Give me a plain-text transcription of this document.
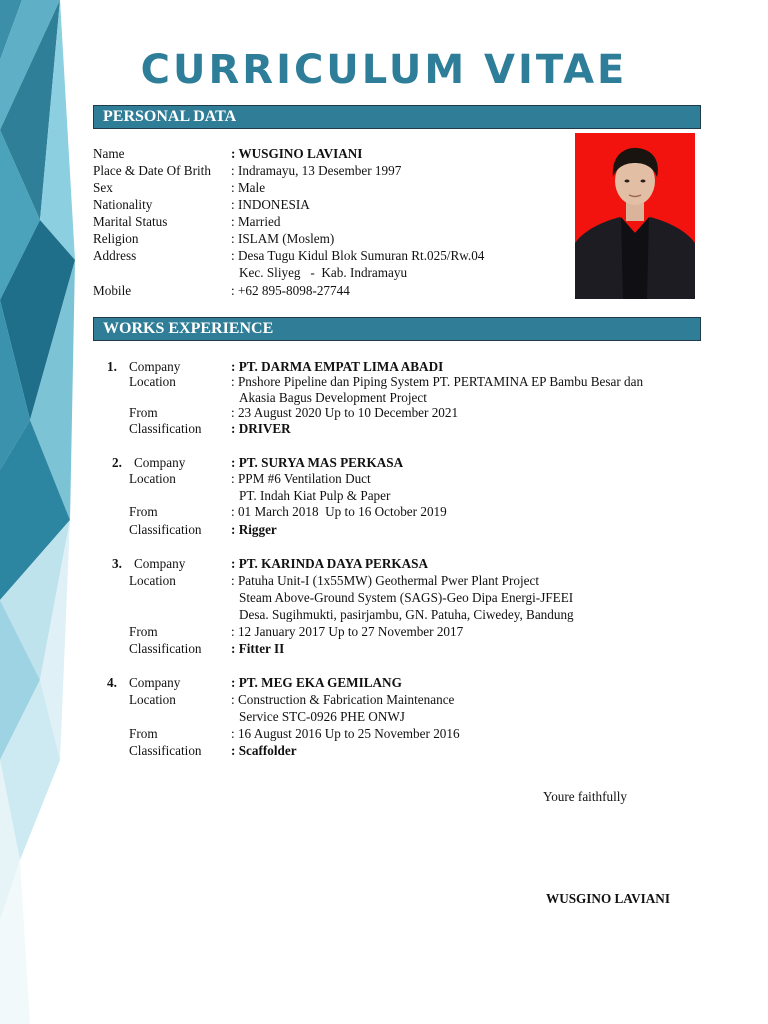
CURRICULUM VITAE
PERSONAL DATA
Name	: WUSGINO LAVIANI
Place & Date Of Brith : Indramayu, 13 Desember 1997
Sex	: Male
Nationality	: INDONESIA
Marital Status	: Married
Religion	: ISLAM (Moslem)
Address	: Desa Tugu Kidul Blok Sumuran Rt.025/Rw.04
Kec. Sliyeg   -  Kab. Indramayu
Mobile	: +62 895-8098-27744
WORKS EXPERIENCE
1. Company	: PT. DARMA EMPAT LIMA ABADI
Location	: Pnshore Pipeline dan Piping System PT. PERTAMINA EP Bambu Besar dan
Akasia Bagus Development Project
From	: 23 August 2020 Up to 10 December 2021
Classification : DRIVER
2. Company	: PT. SURYA MAS PERKASA
Location	: PPM #6 Ventilation Duct
PT. Indah Kiat Pulp & Paper
From	: 01 March 2018  Up to 16 October 2019
Classification : Rigger
3. Company	: PT. KARINDA DAYA PERKASA
Location	: Patuha Unit-I (1x55MW) Geothermal Pwer Plant Project
Steam Above-Ground System (SAGS)-Geo Dipa Energi-JFEEI
Desa. Sugihmukti, pasirjambu, GN. Patuha, Ciwedey, Bandung
From	: 12 January 2017 Up to 27 November 2017
Classification : Fitter II
4. Company	: PT. MEG EKA GEMILANG
Location	: Construction & Fabrication Maintenance
Service STC-0926 PHE ONWJ
From	: 16 August 2016 Up to 25 November 2016
Classification : Scaffolder
Youre faithfully
WUSGINO LAVIANI
